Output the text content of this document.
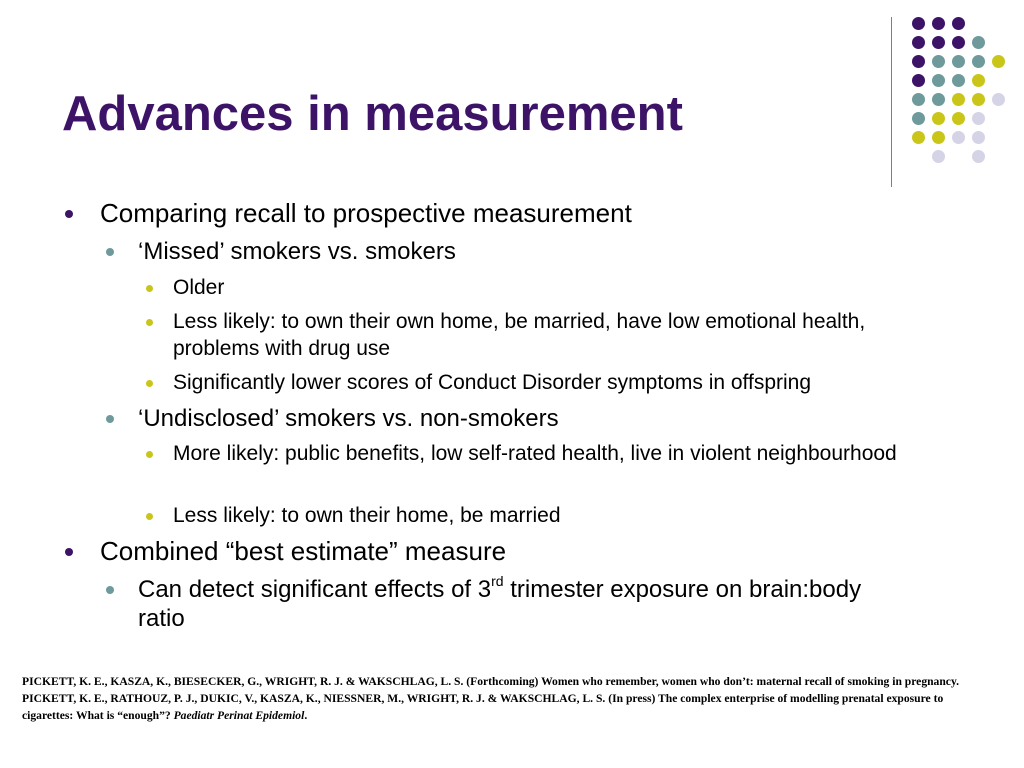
Advances in measurement
Comparing recall to prospective measurement
‘Missed’ smokers vs. smokers
Older
Less likely: to own their own home, be married, have low emotional health, problems with drug use
Significantly lower scores of Conduct Disorder symptoms in offspring
‘Undisclosed’ smokers vs. non-smokers
More likely: public benefits, low self-rated health, live in violent neighbourhood
Less likely: to own their home, be married
Combined “best estimate” measure
Can detect significant effects of 3rd trimester exposure on brain:body ratio

PICKETT, K. E., KASZA, K., BIESECKER, G., WRIGHT, R. J. & WAKSCHLAG, L. S. (Forthcoming) Women who remember, women who don’t: maternal recall of smoking in pregnancy.

PICKETT, K. E., RATHOUZ, P. J., DUKIC, V., KASZA, K., NIESSNER, M., WRIGHT, R. J. & WAKSCHLAG, L. S. (In press) The complex enterprise of modelling prenatal exposure to cigarettes: What is “enough”? Paediatr Perinat Epidemiol.
